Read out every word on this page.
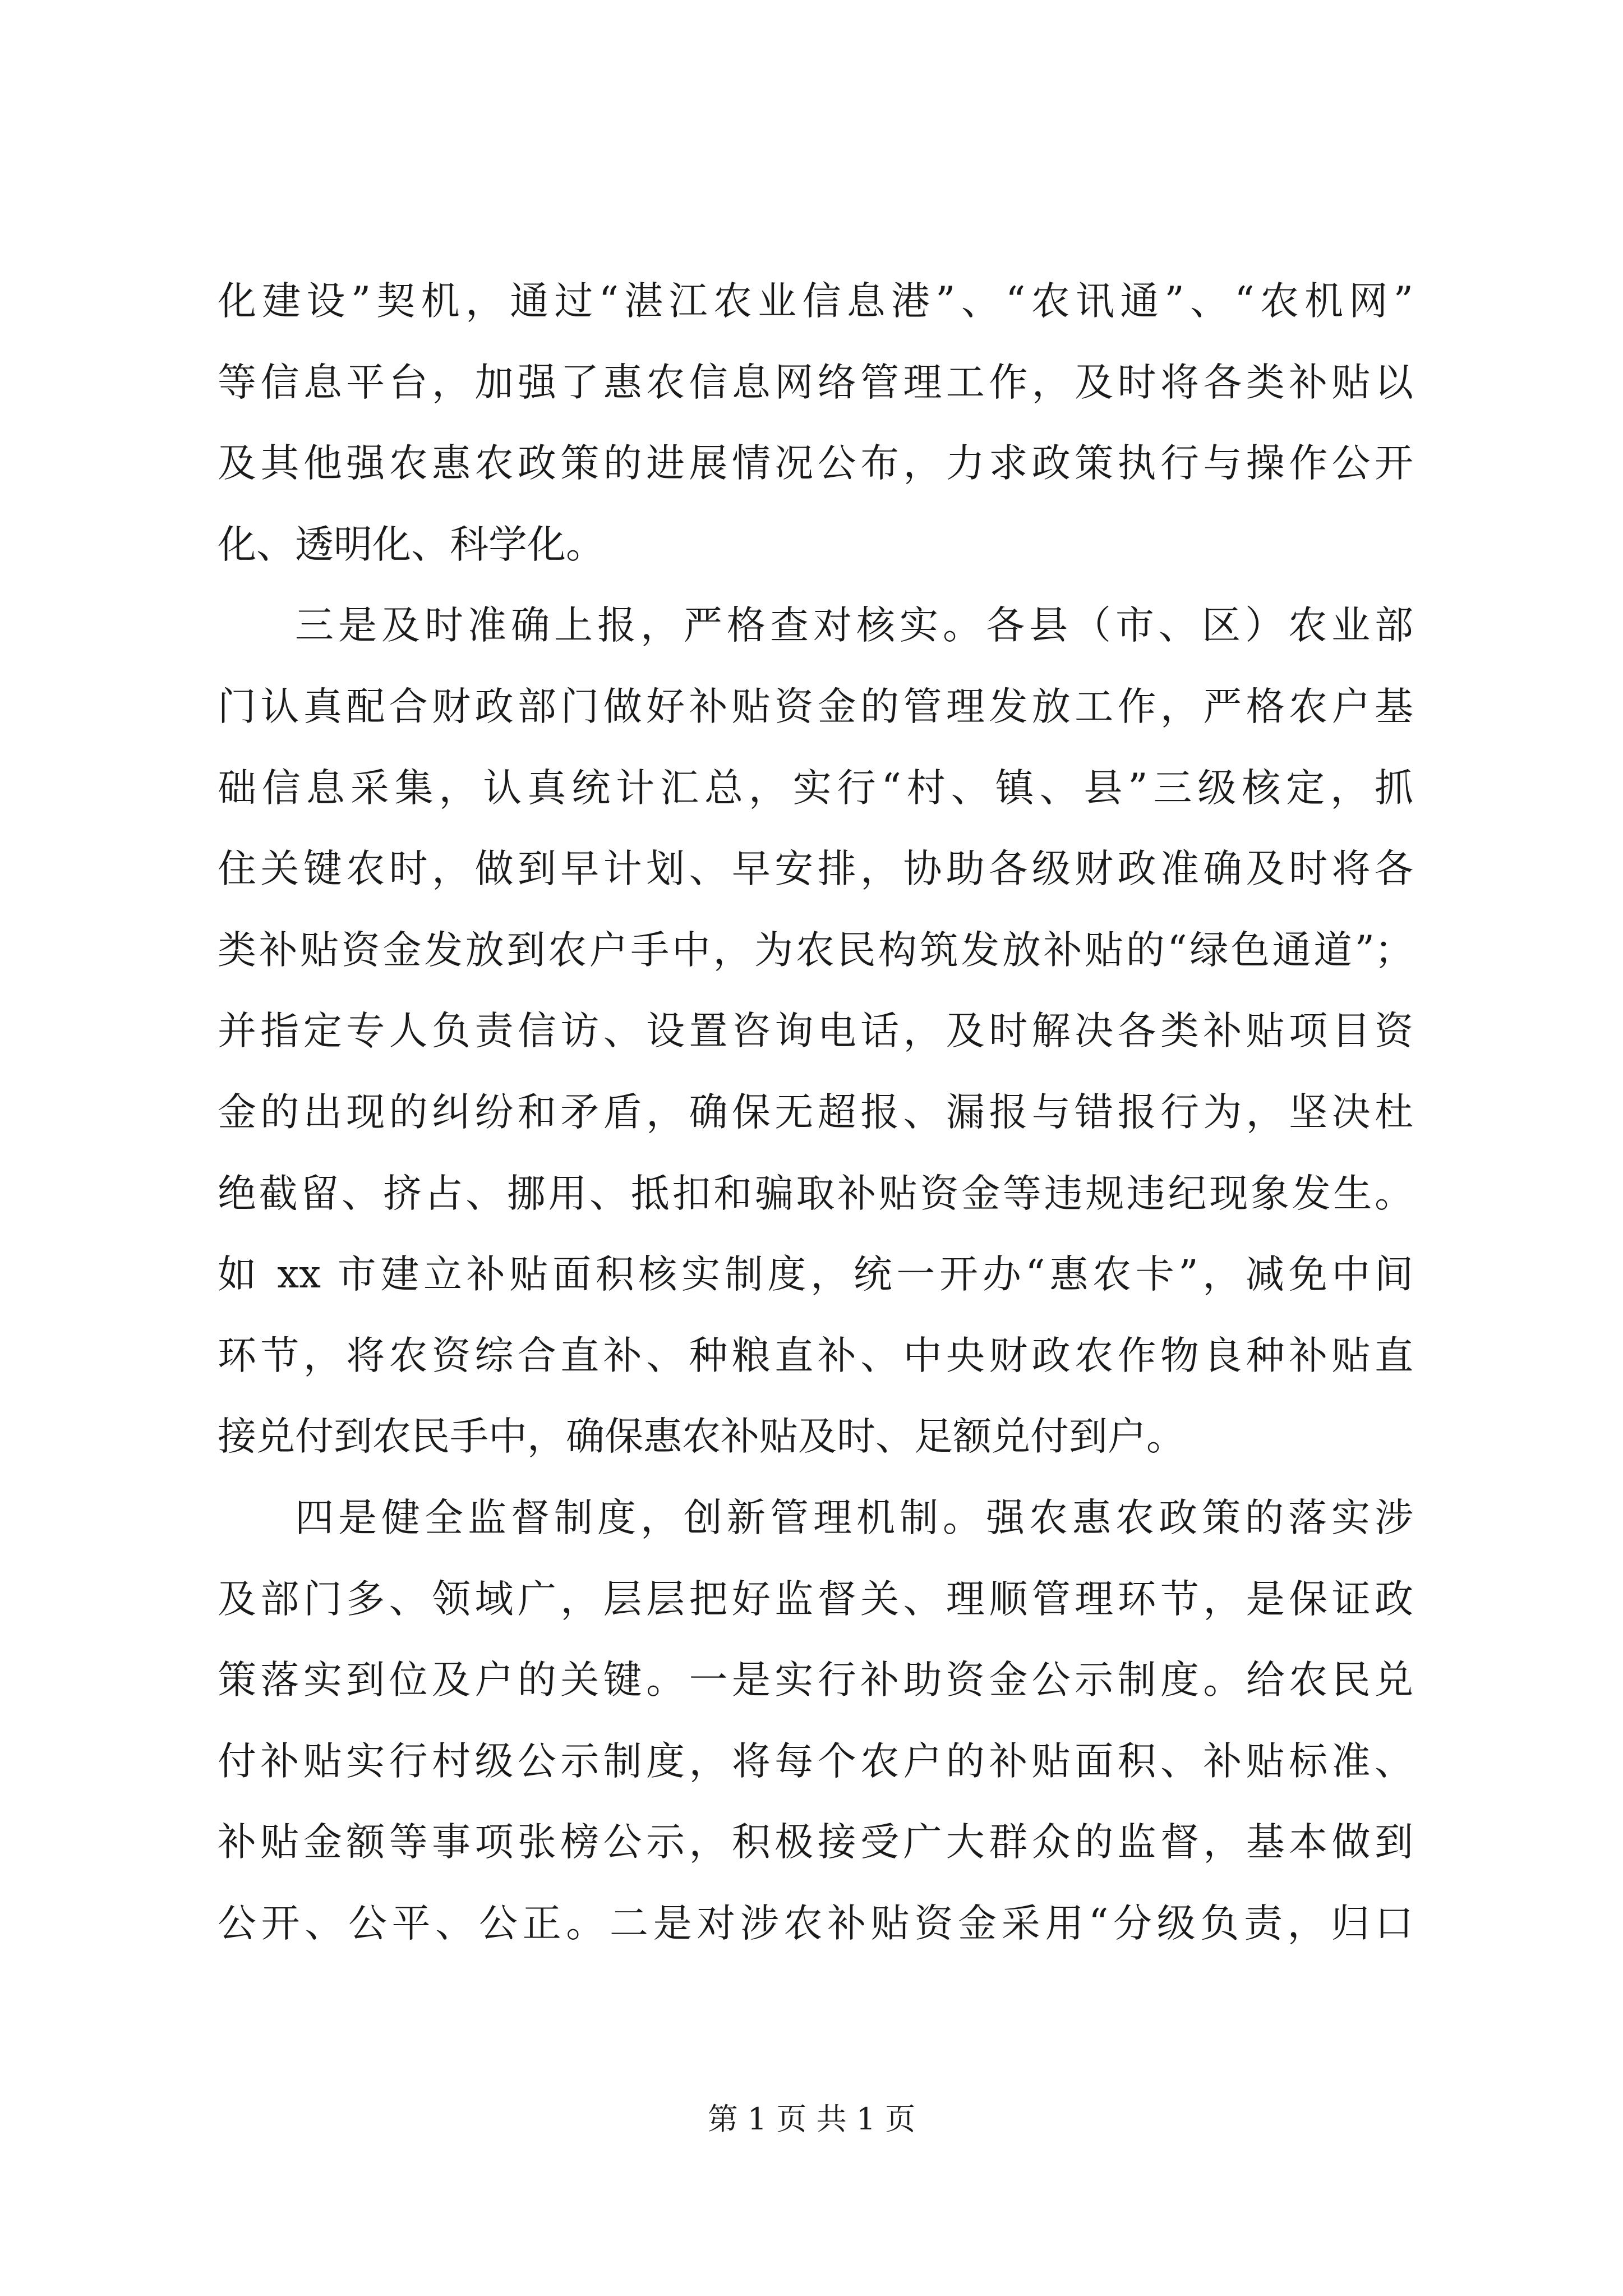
化建设”契机，通过“湛江农业信息港”、“农讯通”、“农机网”
等信息平台，加强了惠农信息网络管理工作，及时将各类补贴以
及其他强农惠农政策的进展情况公布，力求政策执行与操作公开
化、透明化、科学化。
三是及时准确上报，严格查对核实。各县（市、区）农业部
门认真配合财政部门做好补贴资金的管理发放工作，严格农户基
础信息采集，认真统计汇总，实行“村、镇、县”三级核定，抓
住关键农时，做到早计划、早安排，协助各级财政准确及时将各
类补贴资金发放到农户手中，为农民构筑发放补贴的“绿色通道”；
并指定专人负责信访、设置咨询电话，及时解决各类补贴项目资
金的出现的纠纷和矛盾，确保无超报、漏报与错报行为，坚决杜
绝截留、挤占、挪用、抵扣和骗取补贴资金等违规违纪现象发生。
如 xx 市建立补贴面积核实制度，统一开办“惠农卡”，减免中间
环节，将农资综合直补、种粮直补、中央财政农作物良种补贴直
接兑付到农民手中，确保惠农补贴及时、足额兑付到户。
四是健全监督制度，创新管理机制。强农惠农政策的落实涉
及部门多、领域广，层层把好监督关、理顺管理环节，是保证政
策落实到位及户的关键。一是实行补助资金公示制度。给农民兑
付补贴实行村级公示制度，将每个农户的补贴面积、补贴标准、
补贴金额等事项张榜公示，积极接受广大群众的监督，基本做到
公开、公平、公正。二是对涉农补贴资金采用“分级负责，归口
第 1 页 共 1 页
